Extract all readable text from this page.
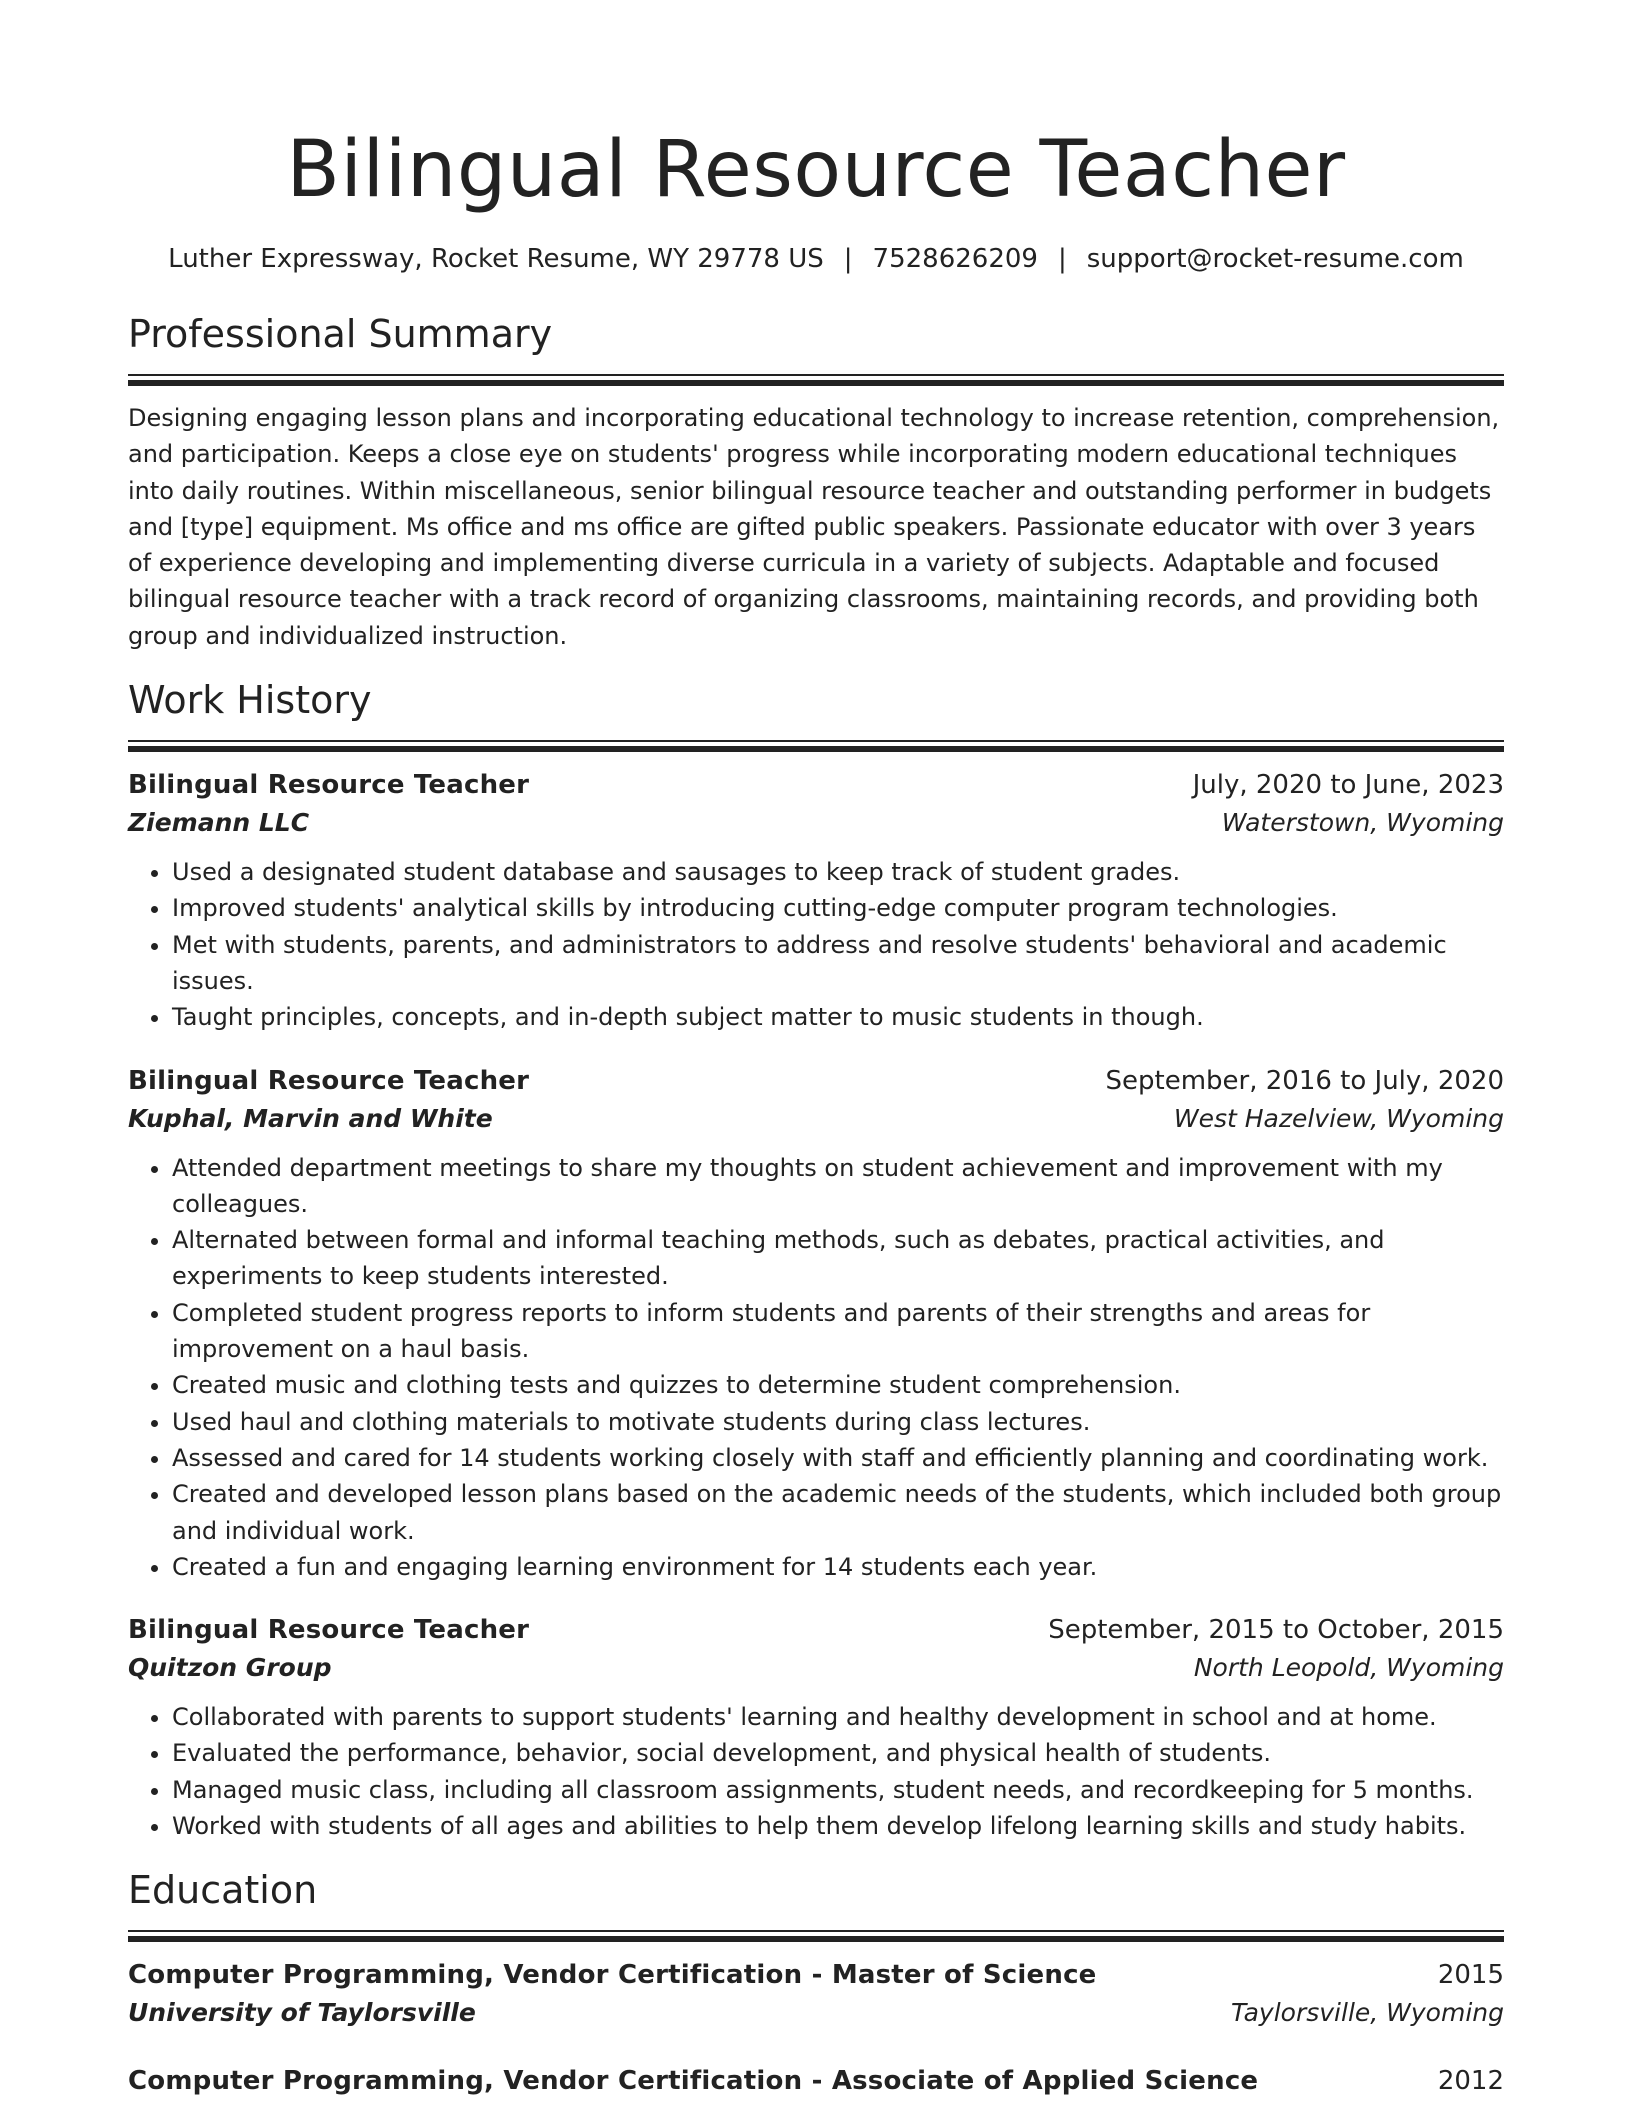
Bilingual Resource Teacher
Luther Expressway, Rocket Resume, WY 29778 US | 7528626209 | support@rocket-resume.com
Professional Summary

Designing engaging lesson plans and incorporating educational technology to increase retention, comprehension, and participation. Keeps a close eye on students' progress while incorporating modern educational techniques into daily routines. Within miscellaneous, senior bilingual resource teacher and outstanding performer in budgets and [type] equipment. Ms office and ms office are gifted public speakers. Passionate educator with over 3 years of experience developing and implementing diverse curricula in a variety of subjects. Adaptable and focused bilingual resource teacher with a track record of organizing classrooms, maintaining records, and providing both group and individualized instruction.

Work History
Bilingual Resource Teacher	July, 2020 to June, 2023
Ziemann LLC	Waterstown, Wyoming
• Used a designated student database and sausages to keep track of student grades.
• Improved students' analytical skills by introducing cutting-edge computer program technologies.
• Met with students, parents, and administrators to address and resolve students' behavioral and academic issues.
• Taught principles, concepts, and in-depth subject matter to music students in though.
Bilingual Resource Teacher	September, 2016 to July, 2020
Kuphal, Marvin and White	West Hazelview, Wyoming
• Attended department meetings to share my thoughts on student achievement and improvement with my colleagues.
• Alternated between formal and informal teaching methods, such as debates, practical activities, and experiments to keep students interested.
• Completed student progress reports to inform students and parents of their strengths and areas for improvement on a haul basis.
• Created music and clothing tests and quizzes to determine student comprehension.
• Used haul and clothing materials to motivate students during class lectures.
• Assessed and cared for 14 students working closely with staff and efficiently planning and coordinating work.
• Created and developed lesson plans based on the academic needs of the students, which included both group and individual work.
• Created a fun and engaging learning environment for 14 students each year.
Bilingual Resource Teacher	September, 2015 to October, 2015
Quitzon Group	North Leopold, Wyoming
• Collaborated with parents to support students' learning and healthy development in school and at home.
• Evaluated the performance, behavior, social development, and physical health of students.
• Managed music class, including all classroom assignments, student needs, and recordkeeping for 5 months.
• Worked with students of all ages and abilities to help them develop lifelong learning skills and study habits.
Education
Computer Programming, Vendor Certification - Master of Science	2015
University of Taylorsville	Taylorsville, Wyoming
Computer Programming, Vendor Certification - Associate of Applied Science	2012
